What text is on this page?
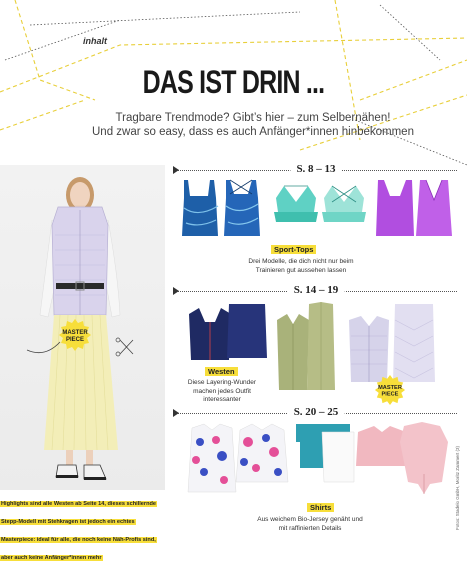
inhalt
DAS IST DRIN ...
Tragbare Trendmode? Gibt’s hier – zum Selbernähen!
Und zwar so easy, dass es auch Anfänger*innen hinbekommen
MASTER
PIECE

Highlights sind alle Westen ab Seite 14, dieses schillernde Stepp-Modell mit Stehkragen ist jedoch ein echtes Masterpiece: ideal für alle, die noch keine Näh-Profis sind, aber auch keine Anfänger*innen mehr

S. 8 – 13
Sport-Tops
Drei Modelle, die dich nicht nur beim
Trainieren gut aussehen lassen
S. 14 – 19
MASTER
PIECE
Westen
Diese Layering-Wunder
machen jedes Outfit
interessanter
S. 20 – 25
Shirts
Aus weichem Bio-Jersey genäht und
mit raffinierten Details	Fotos: Stadelo GmbH, Moritz Zammert (3)
